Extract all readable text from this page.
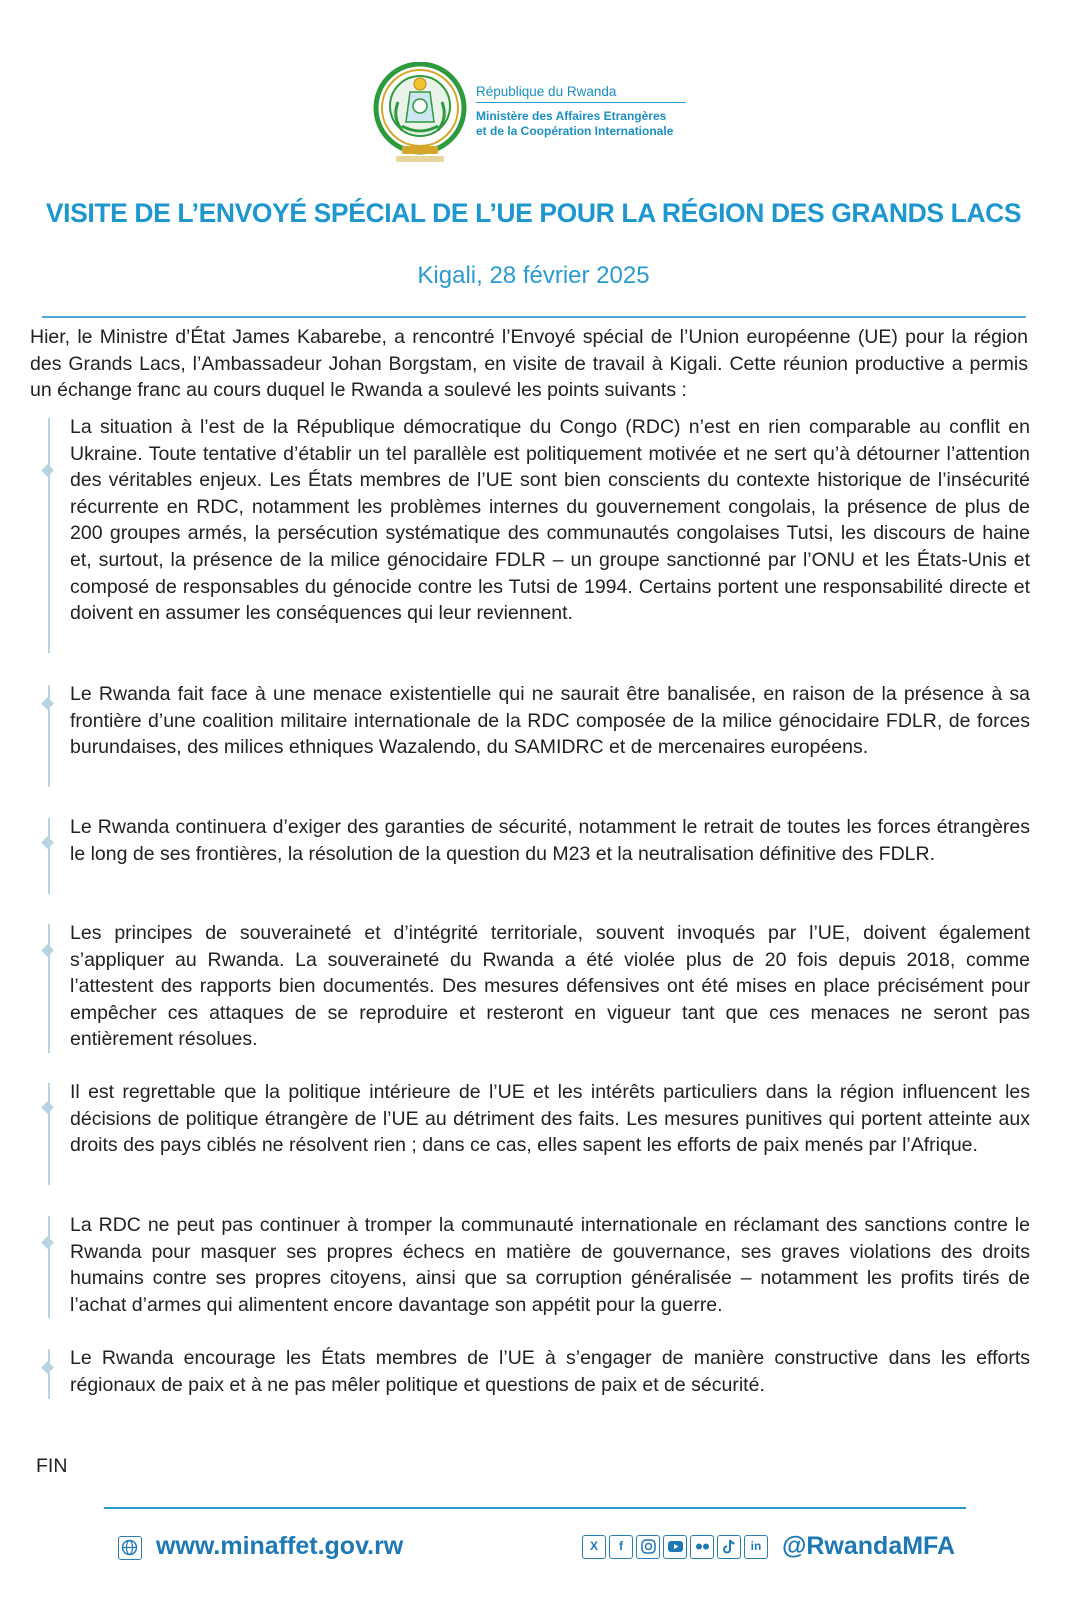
République du Rwanda
Ministère des Affaires Etrangères
et de la Coopération Internationale
VISITE DE L’ENVOYÉ SPÉCIAL DE L’UE POUR LA RÉGION DES GRANDS LACS
Kigali, 28 février 2025
Hier, le Ministre d’État James Kabarebe, a rencontré l’Envoyé spécial de l’Union européenne (UE) pour la région des Grands Lacs, l’Ambassadeur Johan Borgstam, en visite de travail à Kigali. Cette réunion productive a permis un échange franc au cours duquel le Rwanda a soulevé les points suivants :
La situation à l’est de la République démocratique du Congo (RDC) n’est en rien comparable au conflit en Ukraine. Toute tentative d’établir un tel parallèle est politiquement motivée et ne sert qu’à détourner l’attention des véritables enjeux. Les États membres de l’UE sont bien conscients du contexte historique de l’insécurité récurrente en RDC, notamment les problèmes internes du gouvernement congolais, la présence de plus de 200 groupes armés, la persécution systématique des communautés congolaises Tutsi, les discours de haine et, surtout, la présence de la milice génocidaire FDLR – un groupe sanctionné par l’ONU et les États-Unis et composé de responsables du génocide contre les Tutsi de 1994. Certains portent une responsabilité directe et doivent en assumer les conséquences qui leur reviennent.
Le Rwanda fait face à une menace existentielle qui ne saurait être banalisée, en raison de la présence à sa frontière d’une coalition militaire internationale de la RDC composée de la milice génocidaire FDLR, de forces burundaises, des milices ethniques Wazalendo, du SAMIDRC et de mercenaires européens.
Le Rwanda continuera d’exiger des garanties de sécurité, notamment le retrait de toutes les forces étrangères le long de ses frontières, la résolution de la question du M23 et la neutralisation définitive des FDLR.
Les principes de souveraineté et d’intégrité territoriale, souvent invoqués par l’UE, doivent également s’appliquer au Rwanda. La souveraineté du Rwanda a été violée plus de 20 fois depuis 2018, comme l’attestent des rapports bien documentés. Des mesures défensives ont été mises en place précisément pour empêcher ces attaques de se reproduire et resteront en vigueur tant que ces menaces ne seront pas entièrement résolues.
Il est regrettable que la politique intérieure de l’UE et les intérêts particuliers dans la région influencent les décisions de politique étrangère de l’UE au détriment des faits. Les mesures punitives qui portent atteinte aux droits des pays ciblés ne résolvent rien ; dans ce cas, elles sapent les efforts de paix menés par l’Afrique.
La RDC ne peut pas continuer à tromper la communauté internationale en réclamant des sanctions contre le Rwanda pour masquer ses propres échecs en matière de gouvernance, ses graves violations des droits humains contre ses propres citoyens, ainsi que sa corruption généralisée – notamment les profits tirés de l’achat d’armes qui alimentent encore davantage son appétit pour la guerre.
Le Rwanda encourage les États membres de l’UE à s’engager de manière constructive dans les efforts régionaux de paix et à ne pas mêler politique et questions de paix et de sécurité.
FIN
www.minaffet.gov.rw	X	f	in @RwandaMFA
